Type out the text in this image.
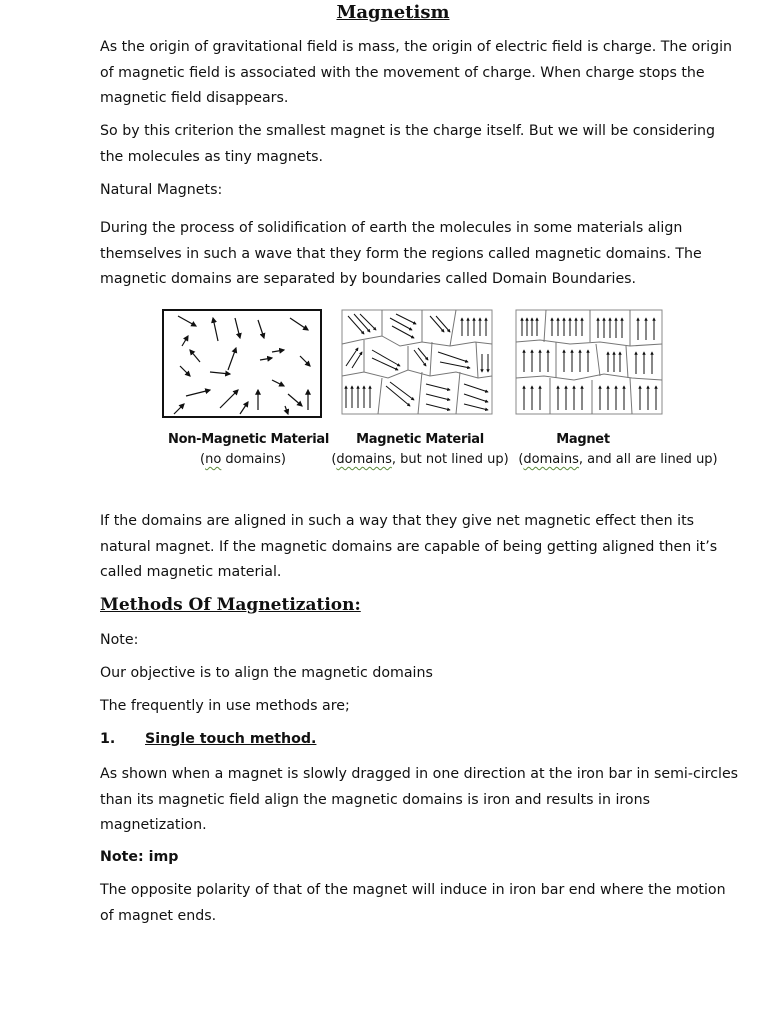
Magnetism
As the origin of gravitational field is mass, the origin of electric field is charge. The origin of magnetic field is associated with the movement of charge. When charge stops the magnetic field disappears.
So by this criterion the smallest magnet is the charge itself. But we will be considering the molecules as tiny magnets.
Natural Magnets:
During the process of solidification of earth the molecules in some materials align themselves in such a wave that they form the regions called magnetic domains. The magnetic domains are separated by boundaries called Domain Boundaries.
Non-Magnetic Material
(no domains)
Magnetic Material
(domains, but not lined up)
Magnet
(domains, and all are lined up)
If the domains are aligned in such a way that they give net magnetic effect then its natural magnet. If the magnetic domains are capable of being getting aligned then it’s called magnetic material.
Methods Of Magnetization:
Note:
Our objective is to align the magnetic domains
The frequently in use methods are;
1. Single touch method.
As shown when a magnet is slowly dragged in one direction at the iron bar in semi-circles than its magnetic field align the magnetic domains is iron and results in irons magnetization.
Note: imp
The opposite polarity of that of the magnet will induce in iron bar end where the motion of magnet ends.
